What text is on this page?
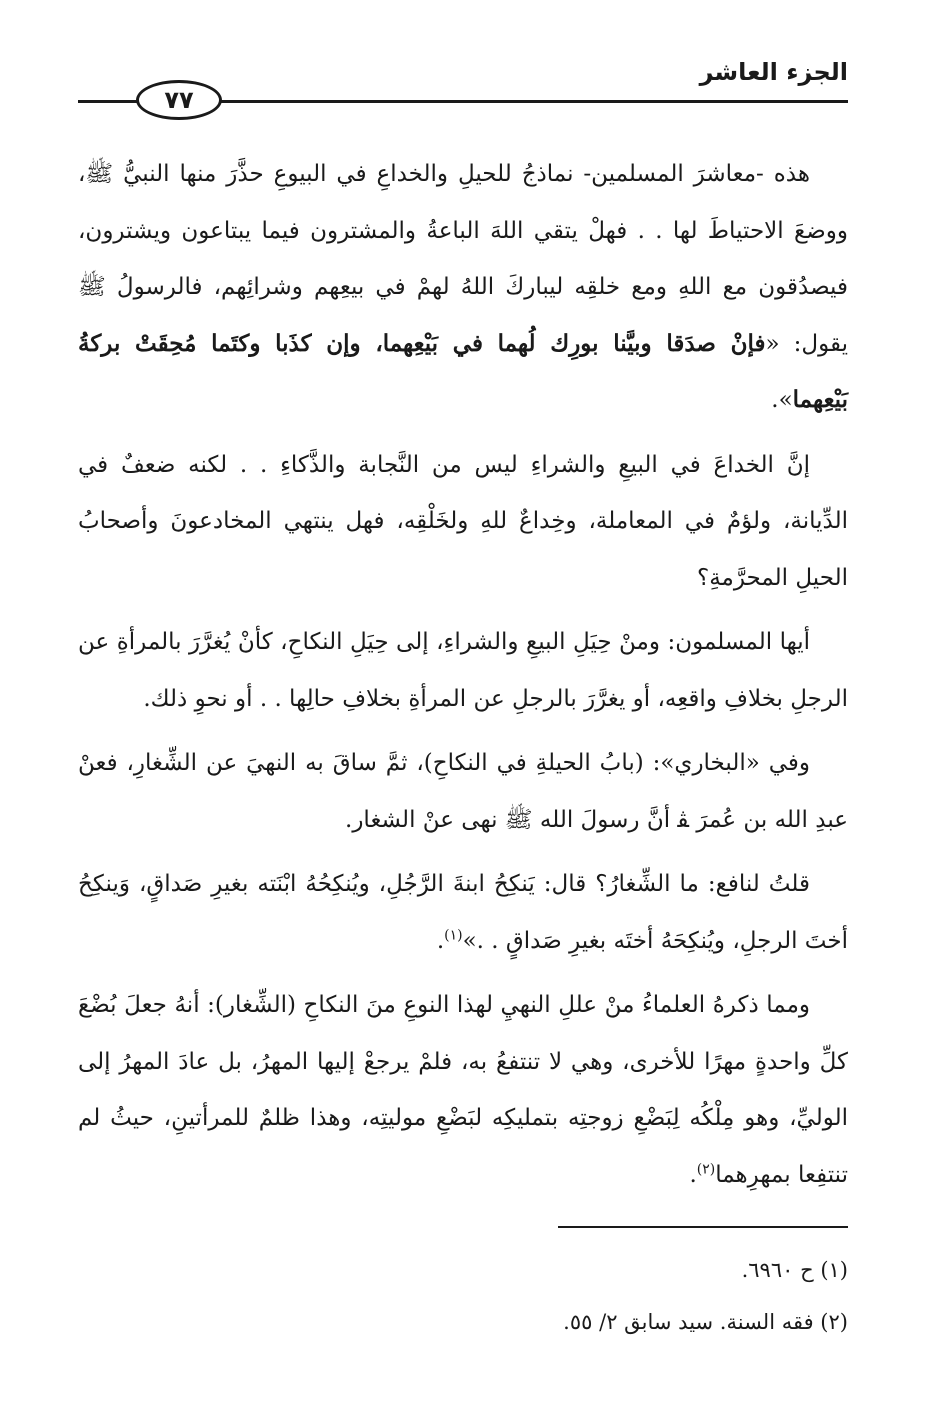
الجزء العاشر
٧٧

هذه -معاشرَ المسلمين- نماذجُ للحيلِ والخداعِ في البيوعِ حذَّرَ منها النبيُّ ﷺ، ووضعَ الاحتياطَ لها . . فهلْ يتقي اللهَ الباعةُ والمشترون فيما يبتاعون ويشترون، فيصدُقون مع اللهِ ومع خلقِه ليباركَ اللهُ لهمْ في بيعِهم وشرائِهم، فالرسولُ ﷺ يقول: «فإنْ صدَقا وبيَّنا بورِك لُهما في بَيْعِهما، وإن كذَبا وكتَما مُحِقَتْ بركةُ بَيْعِهما».

إنَّ الخداعَ في البيعِ والشراءِ ليس من النَّجابة والذَّكاءِ . . لكنه ضعفٌ في الدِّيانة، ولؤمٌ في المعاملة، وخِداعٌ للهِ ولخَلْقِه، فهل ينتهي المخادعونَ وأصحابُ الحيلِ المحرَّمةِ؟

أيها المسلمون: ومنْ حِيَلِ البيعِ والشراءِ، إلى حِيَلِ النكاحِ، كأنْ يُغرَّرَ بالمرأةِ عن الرجلِ بخلافِ واقعِه، أو يغرَّرَ بالرجلِ عن المرأةِ بخلافِ حالِها . . أو نحوِ ذلك.

وفي «البخاري»: (بابُ الحيلةِ في النكاحِ)، ثمَّ ساقَ به النهيَ عن الشِّغارِ، فعنْ عبدِ الله بن عُمرَ ﭭ أنَّ رسولَ الله ﷺ نهى عنْ الشغار.

قلتُ لنافع: ما الشِّغارُ؟ قال: يَنكِحُ ابنةَ الرَّجُلِ، ويُنكِحُهُ ابْنَته بغيرِ صَداقٍ، وَينكِحُ أختَ الرجلِ، ويُنكِحَهُ أختَه بغيرِ صَداقٍ . .»$^{(١)}$.

ومما ذكرهُ العلماءُ منْ عللِ النهيِ لهذا النوعِ منَ النكاحِ (الشِّغار): أنهُ جعلَ بُضْعَ كلِّ واحدةٍ مهرًا للأخرى، وهي لا تنتفعُ به، فلمْ يرجعْ إليها المهرُ، بل عادَ المهرُ إلى الوليِّ، وهو مِلْكُه لِبَضْعِ زوجتِه بتمليكِه لبَضْعِ موليتِه، وهذا ظلمٌ للمرأتينِ، حيثُ لم تنتفِعا بمهرِهما$^{(٢)}$.

(١) ح ٦٩٦٠.
(٢) فقه السنة. سيد سابق ٢/ ٥٥.
